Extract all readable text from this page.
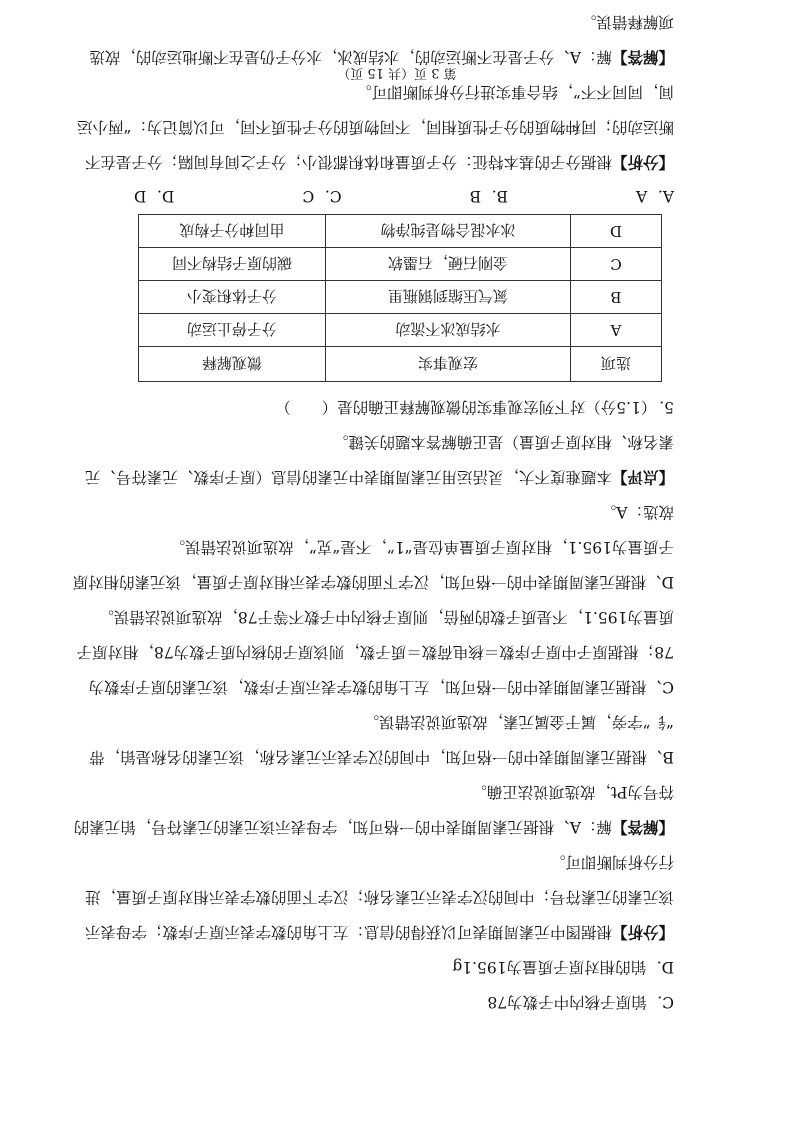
C．铂原子核内中子数为78
D．铂的相对原子质量为195.1g
【分析】根据图中元素周期表可以获得的信息：左上角的数字表示原子序数；字母表示
该元素的元素符号；中间的汉字表示元素名称；汉字下面的数字表示相对原子质量，进
行分析判断即可。
【解答】解：A、根据元素周期表中的一格可知，字母表示该元素的元素符号，铂元素的
符号为Pt，故选项说法正确。
B、根据元素周期表中的一格可知，中间的汉字表示元素名称，该元素的名称是铂，带
“钅”字旁，属于金属元素，故选项说法错误。
C、根据元素周期表中的一格可知，左上角的数字表示原子序数，该元素的原子序数为
78；根据原子中原子序数＝核电荷数＝质子数，则该原子的核内质子数为78，相对原子
质量为195.1，不是质子数的两倍，则原子核内中子数不等于78，故选项说法错误。
D、根据元素周期表中的一格可知，汉字下面的数字表示相对原子质量，该元素的相对原
子质量为195.1，相对原子质量单位是“1”，不是“克”，故选项说法错误。
故选：A。
【点评】本题难度不大，灵活运用元素周期表中元素的信息（原子序数、元素符号、元
素名称、相对原子质量）是正确解答本题的关键。
5．（1.5分）对下列宏观事实的微观解释正确的是（　　）
选项	宏观事实	微观解释
A	水结成冰不流动	分子停止运动
B	氮气压缩到钢瓶里	分子体积变小
C	金刚石硬，石墨软	碳的原子结构不同
D	冰水混合物是纯净物	由同种分子构成
A．A
B．B
C．C
D．D
【分析】根据分子的基本特征：分子质量和体积都很小；分子之间有间隔；分子是在不
断运动的；同种物质的分子性质相同，不同物质的分子性质不同，可以简记为：“两小运
间，同同不不”，结合事实进行分析判断即可。
【解答】解：A、分子是在不断运动的，水结成冰，水分子仍是在不断地运动的，故选
项解释错误。
第 3 页（共 15 页）
